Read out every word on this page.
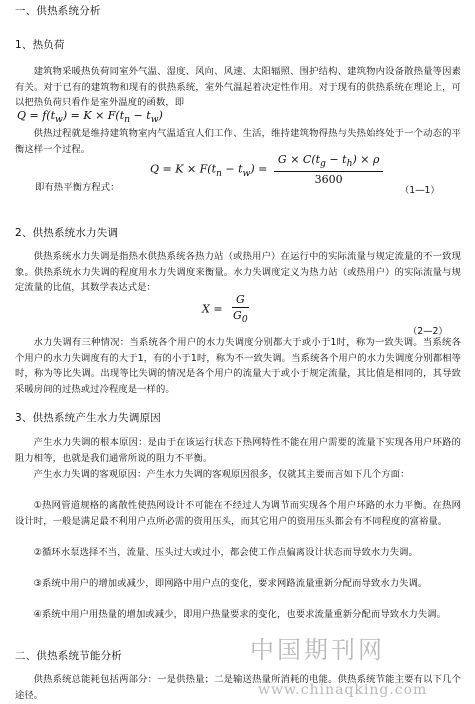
一、供热系统分析
1、热负荷
建筑物采暖热负荷同室外气温、湿度、风向、风速、太阳辐照、围护结构、建筑物内设备散热量等因素有关。对于已有的建筑物和现有的供热系统，室外气温起着决定性作用。对于现有的供热系统在理论上，可以把热负荷只看作是室外温度的函数，即
$Q = f(t_w) = K \times F(t_n - t_w)$
供热过程就是维持建筑物室内气温适宜人们工作、生活，维持建筑物得热与失热始终处于一个动态的平衡这样一个过程。
即有热平衡方程式：
$Q = K \times F(t_n - t_w) = \frac{G \times C(t_g - t_h) \times \rho}{3600}$
（1—1）
2、供热系统水力失调
供热系统水力失调是指热水供热系统各热力站（或热用户）在运行中的实际流量与规定流量的不一致现象。供热系统水力失调的程度用水力失调度来衡量。水力失调度定义为热力站（或热用户）的实际流量与规定流量的比值，其数学表达式是：
$X = \frac{G}{G_0}$
（2—2）
水力失调有三种情况：当系统各个用户的水力失调度分别都大于或小于1时，称为一致失调。当系统各个用户的水力失调度有的大于1，有的小于1时，称为不一致失调。当系统各个用户的水力失调度分别都相等时，称为等比失调。出现等比失调的情况是各个用户的流量大于或小于规定流量，其比值是相同的，其导致采暖房间的过热或过冷程度是一样的。
3、供热系统产生水力失调原因
产生水力失调的根本原因：是由于在该运行状态下热网特性不能在用户需要的流量下实现各用户环路的阻力相等，也就是我们通常所说的阻力不平衡。
产生水力失调的客观原因：产生水力失调的客观原因很多，仅就其主要而言如下几个方面：
①热网管道规格的离散性使热网设计不可能在不经过人为调节而实现各个用户环路的水力平衡。在热网设计时，一般是满足最不利用户点所必需的资用压头，而其它用户的资用压头都会有不同程度的富裕量。
②循环水泵选择不当，流量、压头过大或过小，都会使工作点偏离设计状态而导致水力失调。
③系统中用户的增加或减少，即网路中用户点的变化，要求网路流量重新分配而导致水力失调。
④系统中用户用热量的增加或减少，即用户热量要求的变化，也要求流量重新分配而导致水力失调。
二、供热系统节能分析
供热系统总能耗包括两部分：一是供热量；二是输送热量所消耗的电能。供热系统节能主要有以下几个途径。
中国期刊网
www.chinaqking.com
